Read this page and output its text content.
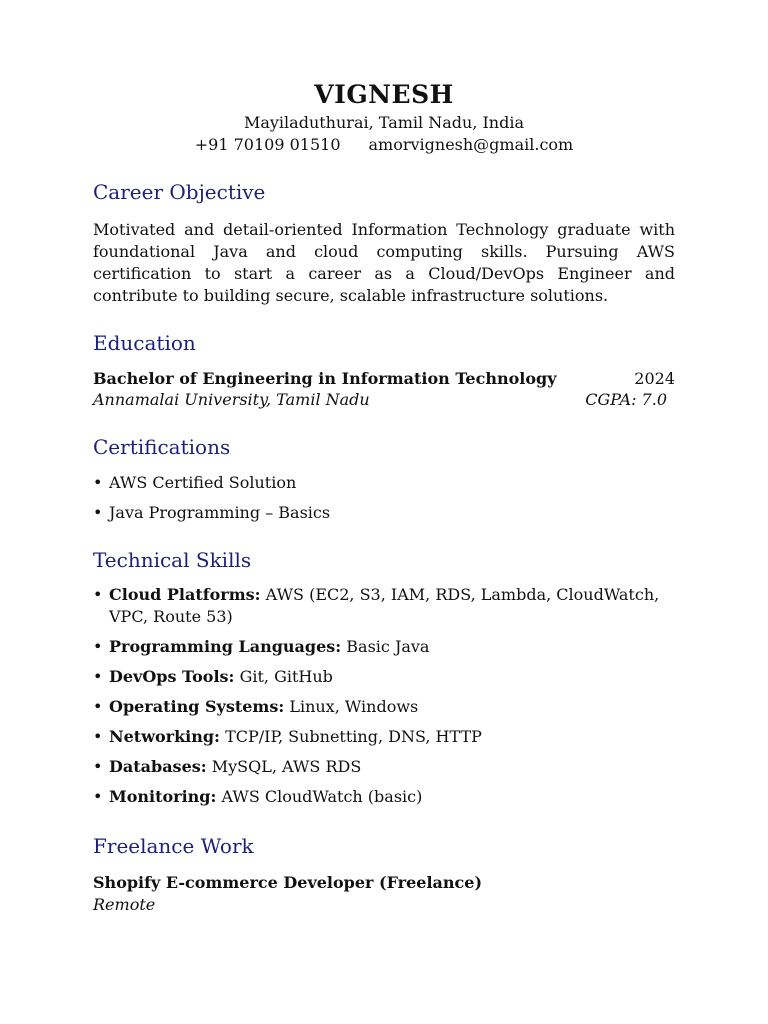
VIGNESH
Mayiladuthurai, Tamil Nadu, India
+91 70109 01510 amorvignesh@gmail.com
Career Objective

Motivated and detail-oriented Information Technology graduate with foundational Java and cloud computing skills. Pursuing AWS certification to start a career as a Cloud/DevOps Engineer and contribute to building secure, scalable infrastructure solutions.

Education
Bachelor of Engineering in Information Technology	2024
Annamalai University, Tamil Nadu	CGPA: 7.0
Certifications
• AWS Certified Solution
• Java Programming – Basics
Technical Skills
• Cloud Platforms: AWS (EC2, S3, IAM, RDS, Lambda, CloudWatch, VPC, Route 53)
• Programming Languages: Basic Java
• DevOps Tools: Git, GitHub
• Operating Systems: Linux, Windows
• Networking: TCP/IP, Subnetting, DNS, HTTP
• Databases: MySQL, AWS RDS
• Monitoring: AWS CloudWatch (basic)
Freelance Work
Shopify E-commerce Developer (Freelance)
Remote
